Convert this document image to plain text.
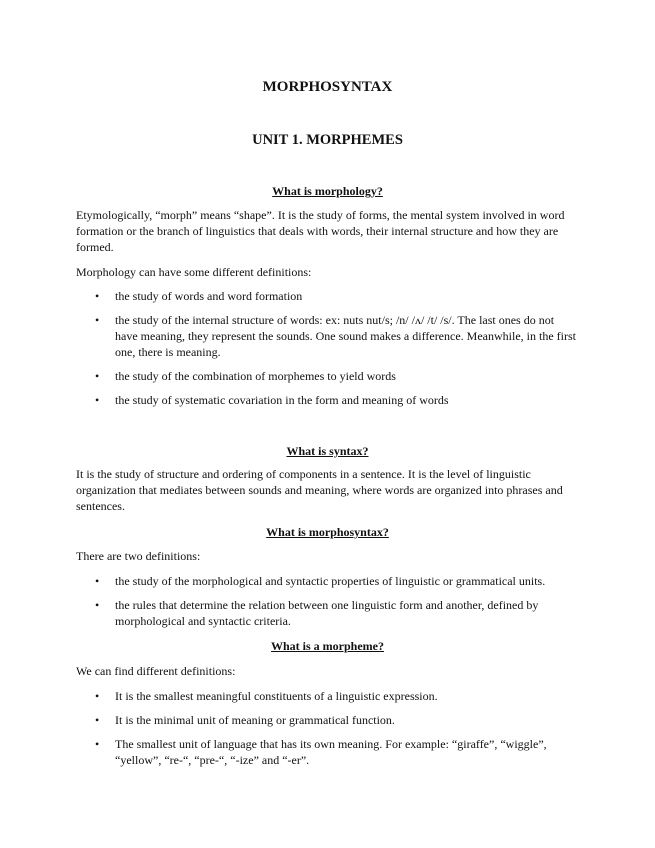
MORPHOSYNTAX
UNIT 1. MORPHEMES
What is morphology?
Etymologically, “morph” means “shape”. It is the study of forms, the mental system involved in word formation or the branch of linguistics that deals with words, their internal structure and how they are formed.
Morphology can have some different definitions:
• the study of words and word formation
• the study of the internal structure of words: ex: nuts nut/s; /n/ /ʌ/ /t/ /s/. The last ones do not have meaning, they represent the sounds. One sound makes a difference. Meanwhile, in the first one, there is meaning.
• the study of the combination of morphemes to yield words
• the study of systematic covariation in the form and meaning of words
What is syntax?
It is the study of structure and ordering of components in a sentence. It is the level of linguistic organization that mediates between sounds and meaning, where words are organized into phrases and sentences.
What is morphosyntax?
There are two definitions:
• the study of the morphological and syntactic properties of linguistic or grammatical units.
• the rules that determine the relation between one linguistic form and another, defined by morphological and syntactic criteria.
What is a morpheme?
We can find different definitions:
• It is the smallest meaningful constituents of a linguistic expression.
• It is the minimal unit of meaning or grammatical function.
• The smallest unit of language that has its own meaning. For example: “giraffe”, “wiggle”, “yellow”, “re-“, “pre-“, “-ize” and “-er”.
